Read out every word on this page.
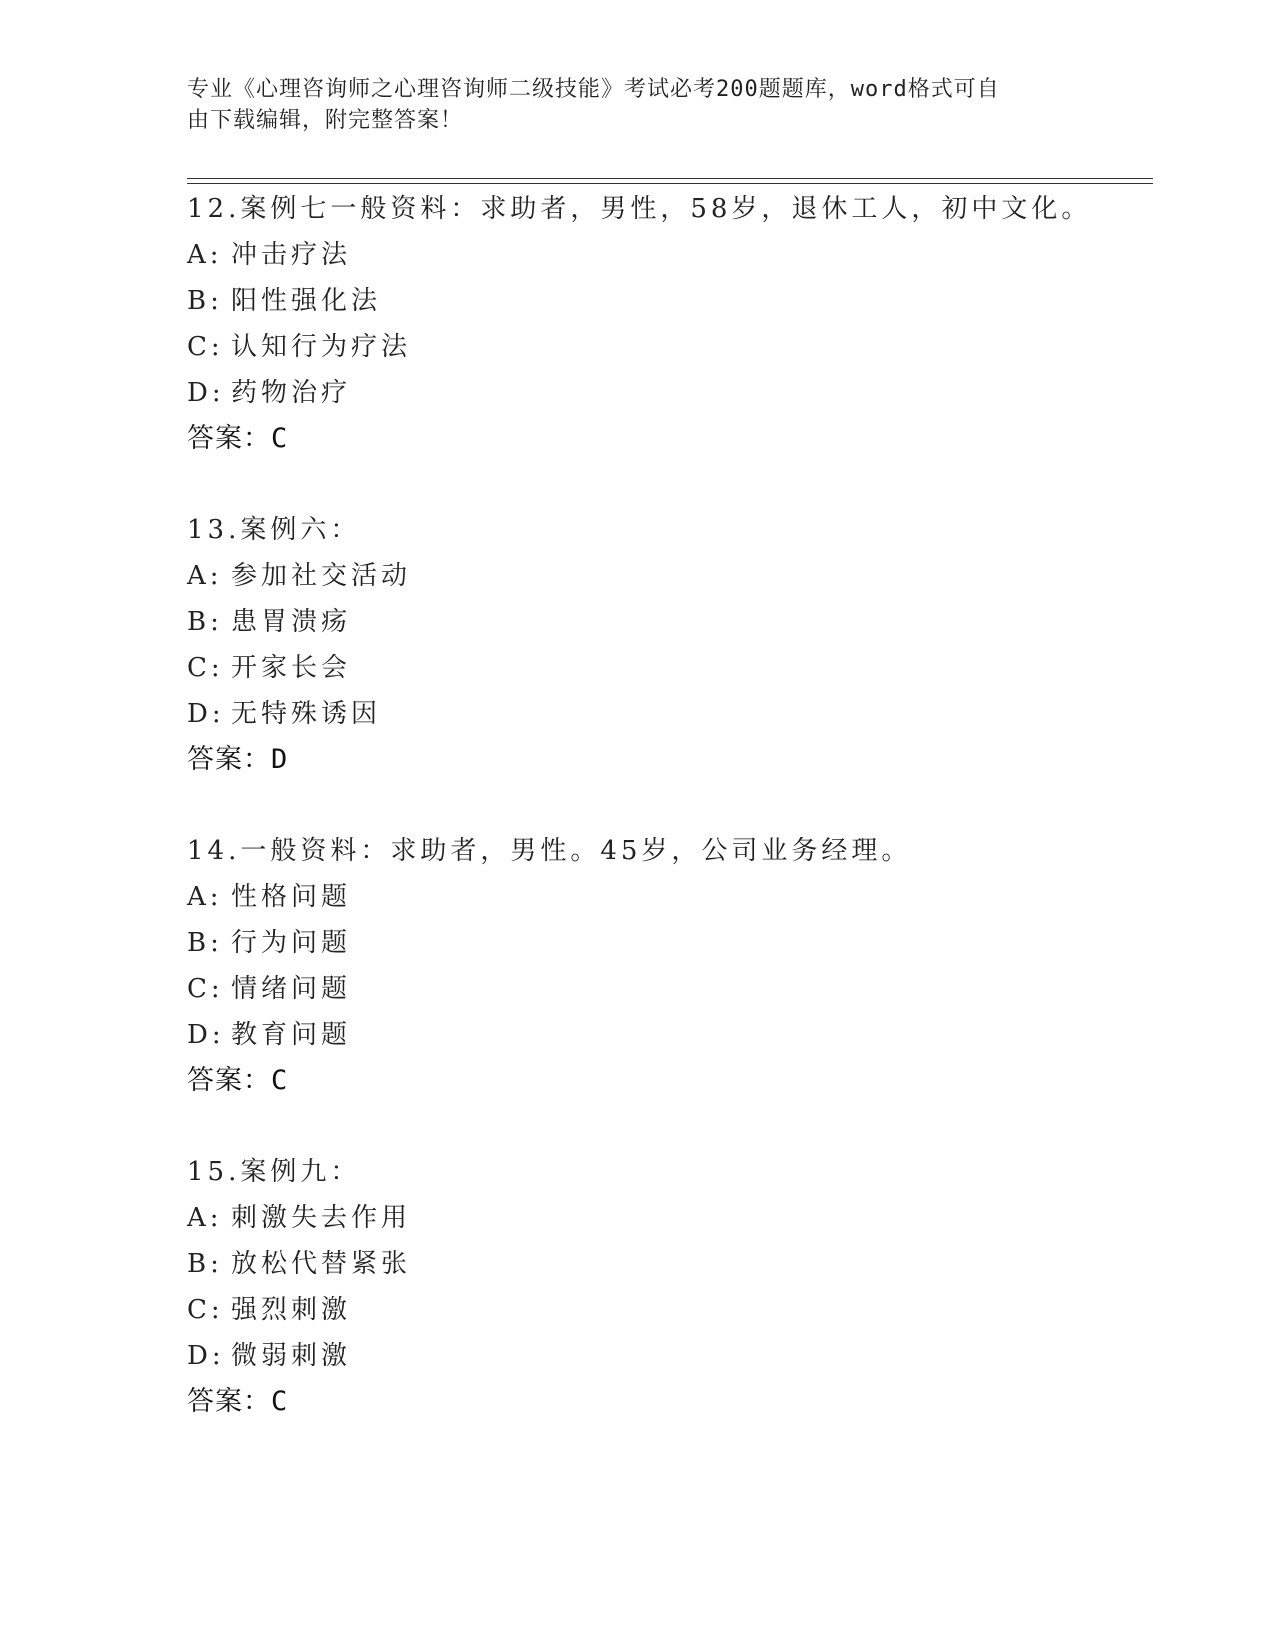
专业《心理咨询师之心理咨询师二级技能》考试必考200题题库，word格式可自
由下载编辑，附完整答案！
12.案例七一般资料：求助者，男性，58岁，退休工人，初中文化。
A: 冲击疗法
B: 阳性强化法
C: 认知行为疗法
D: 药物治疗
答案：C
13.案例六：
A: 参加社交活动
B: 患胃溃疡
C: 开家长会
D: 无特殊诱因
答案：D
14.一般资料：求助者，男性。45岁，公司业务经理。
A: 性格问题
B: 行为问题
C: 情绪问题
D: 教育问题
答案：C
15.案例九：
A: 刺激失去作用
B: 放松代替紧张
C: 强烈刺激
D: 微弱刺激
答案：C
